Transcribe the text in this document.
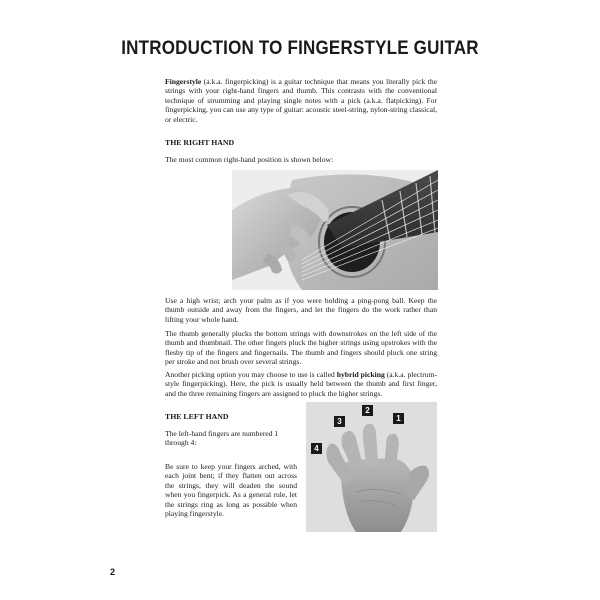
INTRODUCTION TO FINGERSTYLE GUITAR

Fingerstyle (a.k.a. fingerpicking) is a guitar technique that means you literally pick the strings with your right-hand fingers and thumb. This contrasts with the conventional technique of strumming and playing single notes with a pick (a.k.a. flatpicking). For fingerpicking, you can use any type of guitar: acoustic steel-string, nylon-string classical, or electric.

THE RIGHT HAND

The most common right-hand position is shown below:

Use a high wrist; arch your palm as if you were holding a ping-pong ball. Keep the thumb outside and away from the fingers, and let the fingers do the work rather than lifting your whole hand.

The thumb generally plucks the bottom strings with downstrokes on the left side of the thumb and thumbnail. The other fingers pluck the higher strings using upstrokes with the fleshy tip of the fingers and fingernails. The thumb and fingers should pluck one string per stroke and not brush over several strings.

Another picking option you may choose to use is called hybrid picking (a.k.a. plectrum-style fingerpicking). Here, the pick is usually held between the thumb and first finger, and the three remaining fingers are assigned to pluck the higher strings.

THE LEFT HAND

The left-hand fingers are numbered 1 through 4:

Be sure to keep your fingers arched, with each joint bent; if they flatten out across the strings, they will deaden the sound when you fingerpick. As a general rule, let the strings ring as long as possible when playing fingerstyle.

1
2
3
4
2
